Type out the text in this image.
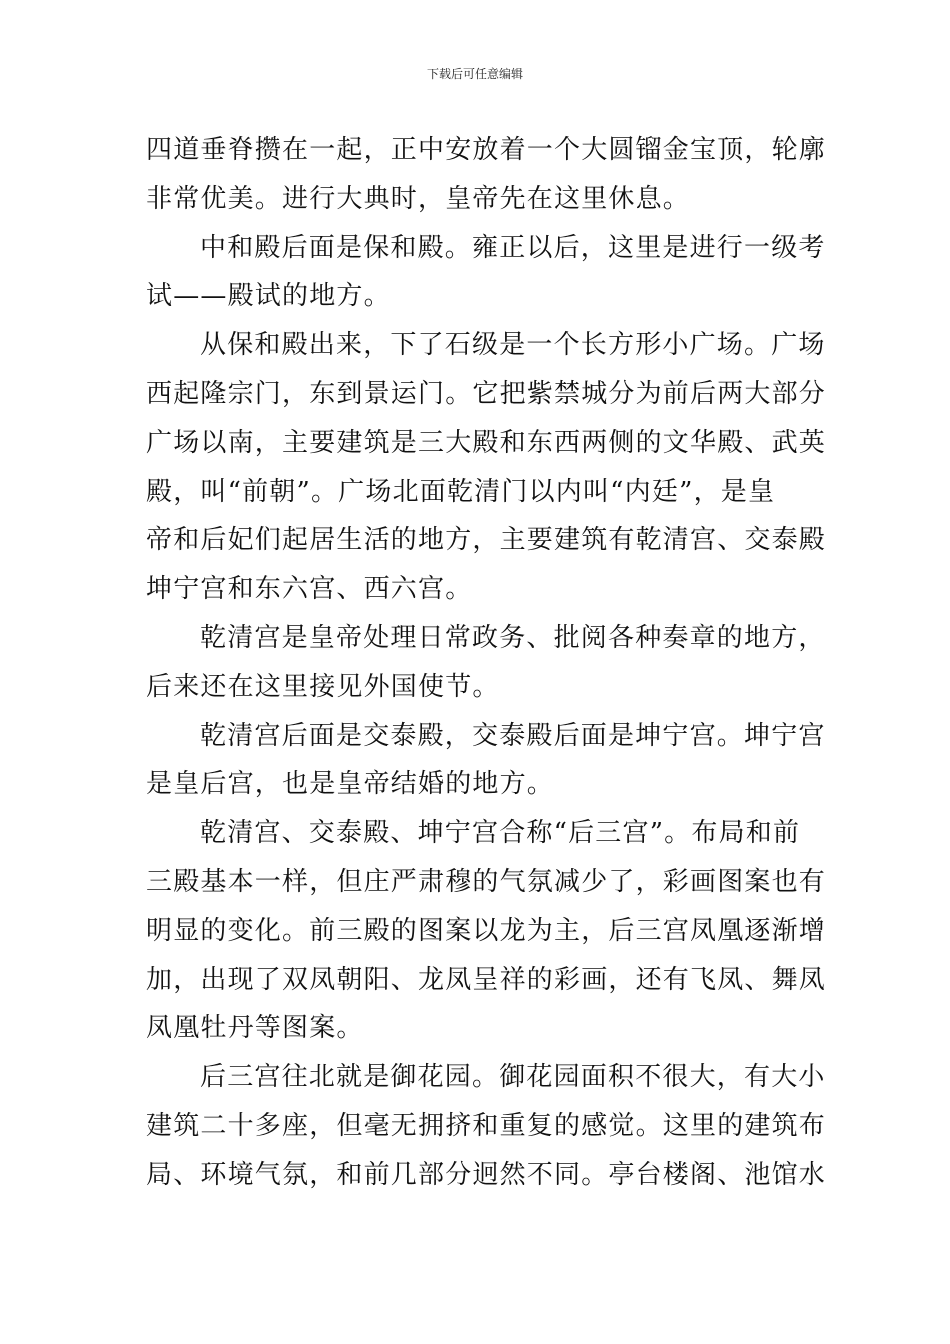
下载后可任意编辑
四道垂脊攒在一起，正中安放着一个大圆镏金宝顶，轮廓
非常优美。进行大典时，皇帝先在这里休息。
中和殿后面是保和殿。雍正以后，这里是进行一级考
试——殿试的地方。
从保和殿出来，下了石级是一个长方形小广场。广场
西起隆宗门，东到景运门。它把紫禁城分为前后两大部分
广场以南，主要建筑是三大殿和东西两侧的文华殿、武英
殿，叫“前朝”。广场北面乾清门以内叫“内廷”，是皇
帝和后妃们起居生活的地方，主要建筑有乾清宫、交泰殿
坤宁宫和东六宫、西六宫。
乾清宫是皇帝处理日常政务、批阅各种奏章的地方，
后来还在这里接见外国使节。
乾清宫后面是交泰殿，交泰殿后面是坤宁宫。坤宁宫
是皇后宫，也是皇帝结婚的地方。
乾清宫、交泰殿、坤宁宫合称“后三宫”。布局和前
三殿基本一样，但庄严肃穆的气氛减少了，彩画图案也有
明显的变化。前三殿的图案以龙为主，后三宫凤凰逐渐增
加，出现了双凤朝阳、龙凤呈祥的彩画，还有飞凤、舞凤
凤凰牡丹等图案。
后三宫往北就是御花园。御花园面积不很大，有大小
建筑二十多座，但毫无拥挤和重复的感觉。这里的建筑布
局、环境气氛，和前几部分迥然不同。亭台楼阁、池馆水
